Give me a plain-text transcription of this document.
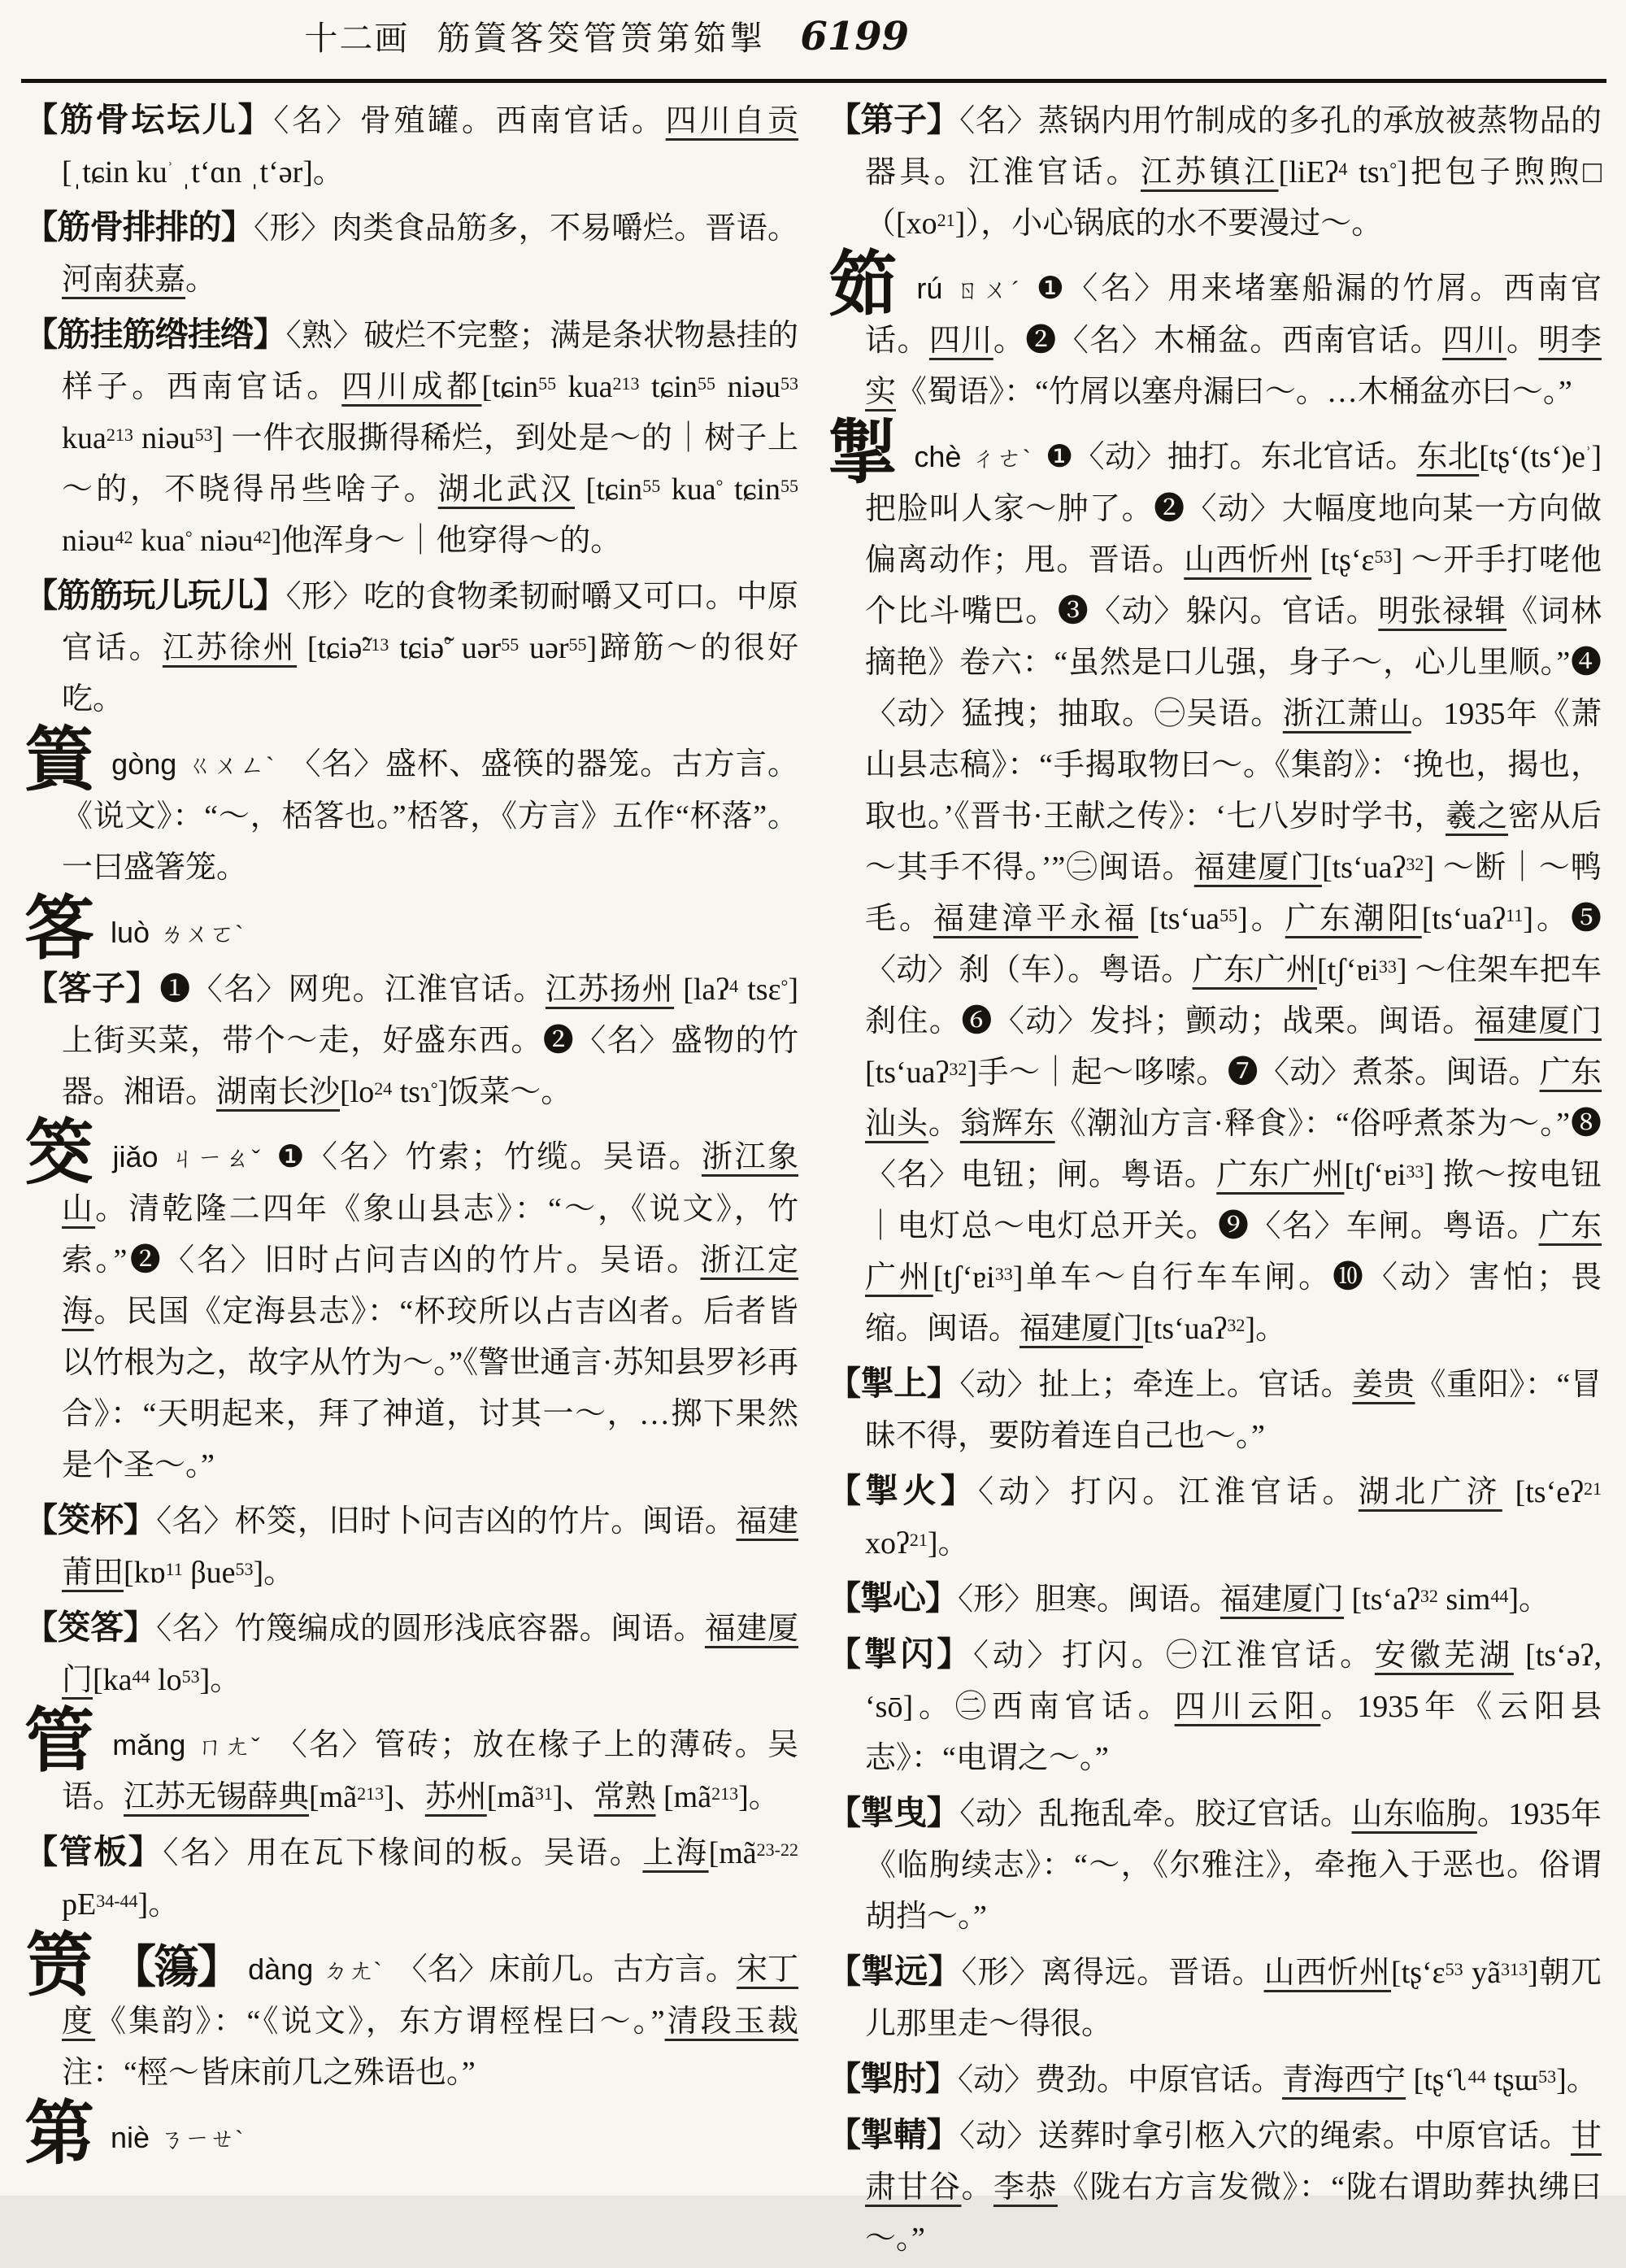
十二画 筋篢笿筊管𬕂第筎掣 6199

【筋骨坛坛儿】〈名〉骨殖罐。西南官话。四川自贡 [ˌtɕin $ku^ʾ$ ˌtʻɑn ˌtʻər]。

【筋骨排排的】〈形〉肉类食品筋多，不易嚼烂。晋语。河南获嘉。

【筋挂筋绺挂绺】〈熟〉破烂不完整；满是条状物悬挂的样子。西南官话。四川成都[tɕin$^{55}$ kua$^{213}$ tɕin$^{55}$ niəu$^{53}$ kua$^{213}$ niəu$^{53}$] 一件衣服撕得稀烂，到处是～的｜树子上～的，不晓得吊些啥子。湖北武汉 [tɕin$^{55}$ kua° tɕin$^{55}$ niəu$^{42}$ kua° niəu$^{42}$]他浑身～｜他穿得～的。

【筋筋玩儿玩儿】〈形〉吃的食物柔韧耐嚼又可口。中原官话。江苏徐州 [tɕiə̃$^{213}$ tɕiə̃° uər$^{55}$ uər$^{55}$]蹄筋～的很好吃。

篢gòng ㄍㄨㄥˋ 〈名〉盛杯、盛筷的器笼。古方言。《说文》：“～，桮笿也。”桮笿，《方言》五作“杯落”。一曰盛箸笼。

笿luò ㄌㄨㄛˋ

【笿子】❶〈名〉网兜。江淮官话。江苏扬州 [laʔ$^4$ tsɛ°]上街买菜，带个～走，好盛东西。❷〈名〉盛物的竹器。湘语。湖南长沙[$lo^{24}$ tsɿ°]饭菜～。

筊jiǎo ㄐㄧㄠˇ ❶〈名〉竹索；竹缆。吴语。浙江象山。清乾隆二四年《象山县志》：“～，《说文》，竹索。”❷〈名〉旧时占问吉凶的竹片。吴语。浙江定海。民国《定海县志》：“杯珓所以占吉凶者。后者皆以竹根为之，故字从竹为～。”《警世通言·苏知县罗衫再合》：“天明起来，拜了神道，讨其一～，…掷下果然是个圣～。”

【筊杯】〈名〉杯筊，旧时卜问吉凶的竹片。闽语。福建莆田[kɒ$^{11}$ βue$^{53}$]。

【筊笿】〈名〉竹篾编成的圆形浅底容器。闽语。福建厦门[$ka^{44}$ $lo^{53}$]。

管mǎng ㄇㄤˇ 〈名〉管砖；放在椽子上的薄砖。吴语。江苏无锡薛典$[mã^{213}]$、苏州$[mã^{31}]$、常熟 $[mã^{213}]$。

【管板】〈名〉用在瓦下椽间的板。吴语。上海[$mã^{23-22}$ $pE^{34-44}$]。

𬕂 【簜】 dàng ㄉㄤˋ 〈名〉床前几。古方言。宋丁度《集韵》：“《说文》，东方谓桱桯曰～。”清段玉裁注：“桱～皆床前几之殊语也。”

第niè ㄋㄧㄝˋ

【第子】〈名〉蒸锅内用竹制成的多孔的承放被蒸物品的器具。江淮官话。江苏镇江[liEʔ$^4$ tsɿ°]把包子煦煦$□([xo^{21}])$，小心锅底的水不要漫过～。

筎rú ㄖㄨˊ ❶〈名〉用来堵塞船漏的竹屑。西南官话。四川。❷〈名〉木桶盆。西南官话。四川。明李实《蜀语》：“竹屑以塞舟漏曰～。…木桶盆亦曰～。”

掣chè ㄔㄜˋ ❶〈动〉抽打。东北官话。东北$[tʂʻ(tsʻ)e^ʾ]$把脸叫人家～肿了。❷〈动〉大幅度地向某一方向做偏离动作；甩。晋语。山西忻州 [tʂʻɛ$^{53}$] ～开手打咾他个比斗嘴巴。❸〈动〉躲闪。官话。明张禄辑《词林摘艳》卷六：“虽然是口儿强，身子～，心儿里顺。”❹〈动〉猛拽；抽取。㊀吴语。浙江萧山。1935年《萧山县志稿》：“手揭取物曰～。《集韵》：‘挽也，揭也，取也。’《晋书·王献之传》：‘七八岁时学书，羲之密从后～其手不得。’”㊁闽语。福建厦门[tsʻuaʔ$^{32}$] ～断｜～鸭毛。福建漳平永福 [tsʻua$^{55}$]。广东潮阳[tsʻuaʔ$^{11}$]。❺〈动〉刹（车）。粤语。广东广州[tʃʻɐi$^{33}$] ～住架车把车刹住。❻〈动〉发抖；颤动；战栗。闽语。福建厦门 [tsʻuaʔ$^{32}$]手～｜起～哆嗦。❼〈动〉煮茶。闽语。广东汕头。翁辉东《潮汕方言·释食》：“俗呼煮茶为～。”❽〈名〉电钮；闸。粤语。广东广州[tʃʻɐi$^{33}$] 揿～按电钮｜电灯总～电灯总开关。❾〈名〉车闸。粤语。广东广州[tʃʻɐi$^{33}$]单车～自行车车闸。❿〈动〉害怕；畏缩。闽语。福建厦门[tsʻuaʔ$^{32}$]。

【掣上】〈动〉扯上；牵连上。官话。姜贵《重阳》：“冒昧不得，要防着连自己也～。”

【掣火】〈动〉打闪。江淮官话。湖北广济 [tsʻeʔ$^{21}$ xoʔ$^{21}$]。

【掣心】〈形〉胆寒。闽语。福建厦门 [tsʻaʔ$^{32}$ sim$^{44}$]。

【掣闪】〈动〉打闪。㊀江淮官话。安徽芜湖 [tsʻəʔ, ʻsō]。㊁西南官话。四川云阳。1935年《云阳县志》：“电谓之～。”

【掣曳】〈动〉乱拖乱牵。胶辽官话。山东临朐。1935年《临朐续志》：“～，《尔雅注》，牵拖入于恶也。俗谓胡挡～。”

【掣远】〈形〉离得远。晋语。山西忻州[tʂʻɛ$^{53}$ $yã^{313}$]朝兀儿那里走～得很。

【掣肘】〈动〉费劲。中原官话。青海西宁 [tʂʻʅ$^{44}$ tʂɯ$^{53}$]。

【掣輤】〈动〉送葬时拿引柩入穴的绳索。中原官话。甘肃甘谷。李恭《陇右方言发微》：“陇右谓助葬执绋曰～。”
